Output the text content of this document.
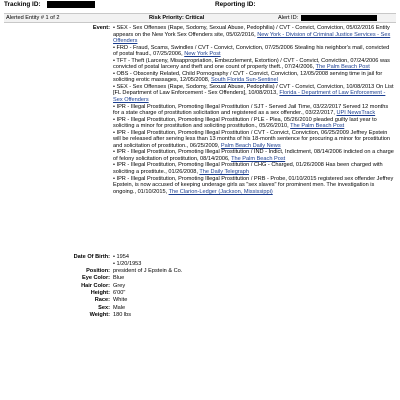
Tracking ID:	Reporting ID:
Alerted Entity # 1 of 2	Risk Priority: Critical	Alert ID:
Event: • SEX - Sex Offenses (Rape, Sodomy, Sexual Abuse, Pedophilia) / CVT - Convict, Conviction, 05/02/2016 Entity appears on the New York Sex Offenders site, 05/02/2016, New York - Division of Criminal Justice Services - Sex Offenders
• FRD - Fraud, Scams, Swindles / CVT - Convict, Conviction, 07/25/2006 Stealing his neighbor's mail, convicted of postal fraud., 07/25/2006, New York Post
• TFT - Theft (Larceny, Misappropriation, Embezzlement, Extortion) / CVT - Convict, Conviction, 07/24/2006 was convicted of postal larceny and theft and one count of property theft., 07/24/2006, The Palm Beach Post
• OBS - Obscenity Related, Child Pornography / CVT - Convict, Conviction, 12/05/2008 serving time in jail for soliciting erotic massages, 12/05/2008, South Florida Sun-Sentinel
• SEX - Sex Offenses (Rape, Sodomy, Sexual Abuse, Pedophilia) / CVT - Convict, Conviction, 10/08/2013 On List [FL Department of Law Enforcement - Sex Offenders], 10/08/2013, Florida - Department of Law Enforcement - Sex Offenders
• IPR - Illegal Prostitution, Promoting Illegal Prostitution / SJT - Served Jail Time, 03/22/2017 Served 12 months for a state charge of prostitution solicitation and registered as a sex offender., 03/22/2017, UPI NewsTrack
• IPR - Illegal Prostitution, Promoting Illegal Prostitution / PLE - Plea, 05/26/2010 pleaded guilty last year to soliciting a minor for prostitution and soliciting prostitution., 05/26/2010, The Palm Beach Post
• IPR - Illegal Prostitution, Promoting Illegal Prostitution / CVT - Convict, Conviction, 06/25/2009 Jeffrey Epstein will be released after serving less than 13 months of his 18-month sentence for procuring a minor for prostitution and solicitation of prostitution., 06/25/2009, Palm Beach Daily News
• IPR - Illegal Prostitution, Promoting Illegal Prostitution / IND - Indict, Indictment, 08/14/2006 indicted on a charge of felony solicitation of prostitution, 08/14/2006, The Palm Beach Post
• IPR - Illegal Prostitution, Promoting Illegal Prostitution / CHG - Charged, 01/26/2008 Has been charged with soliciting a prostitute., 01/26/2008, The Daily Telegraph
• IPR - Illegal Prostitution, Promoting Illegal Prostitution / PRB - Probe, 01/10/2015 registered sex offender Jeffrey Epstein, is now accused of keeping underage girls as "sex slaves" for prominent men. The investigation is ongoing., 01/10/2015, The Clarion-Ledger (Jackson, Mississippi)
Date Of Birth: • 1954
• 1/20/1953
Position: president of J Epstein & Co.
Eye Color: Blue
Hair Color: Grey
Height: 6'00"
Race: White
Sex: Male
Weight: 180 lbs
